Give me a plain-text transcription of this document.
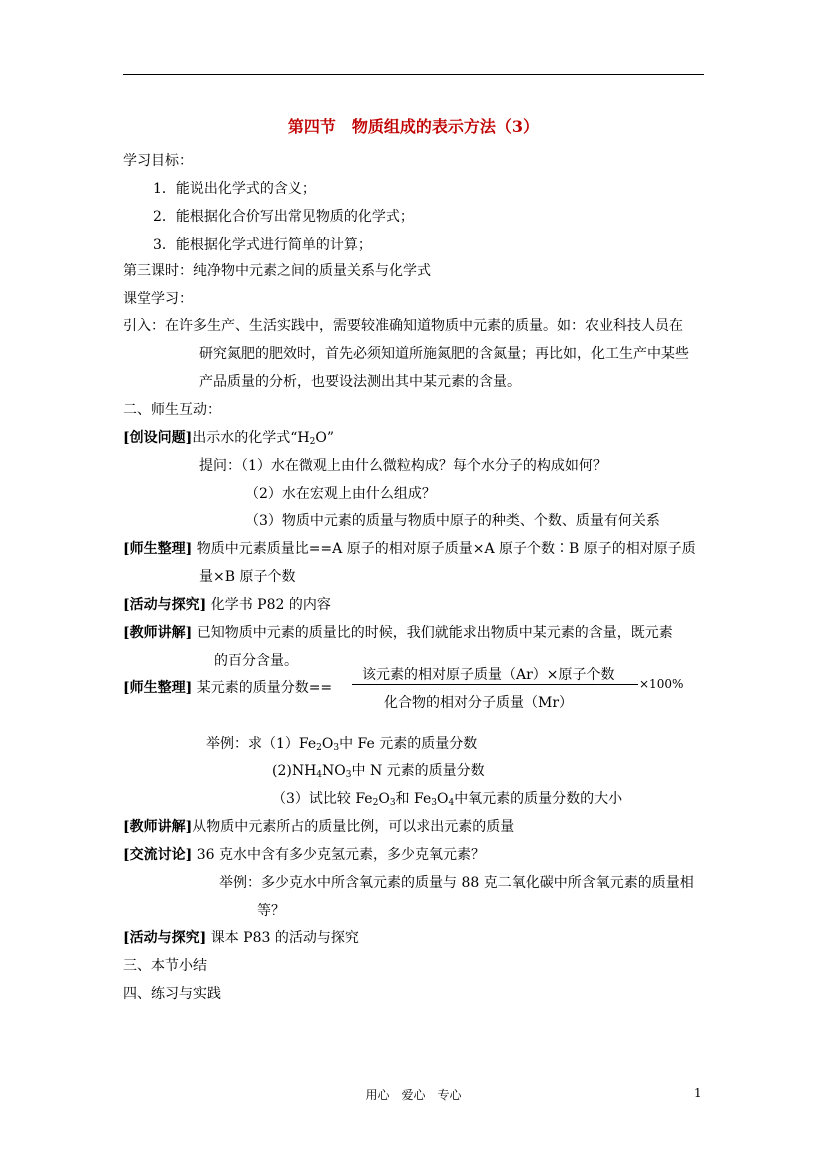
第四节　物质组成的表示方法（3）
学习目标：
1．能说出化学式的含义；
2．能根据化合价写出常见物质的化学式；
3．能根据化学式进行简单的计算；
第三课时：纯净物中元素之间的质量关系与化学式
课堂学习：
引入：在许多生产、生活实践中，需要较准确知道物质中元素的质量。如：农业科技人员在
研究氮肥的肥效时，首先必须知道所施氮肥的含氮量；再比如，化工生产中某些
产品质量的分析，也要设法测出其中某元素的含量。
二、师生互动：
[创设问题]出示水的化学式“$H_2O$”
提问：（1）水在微观上由什么微粒构成？每个水分子的构成如何？
（2）水在宏观上由什么组成？
（3）物质中元素的质量与物质中原子的种类、个数、质量有何关系
[师生整理] 物质中元素质量比==A 原子的相对原子质量×A 原子个数∶B 原子的相对原子质
量×B 原子个数
[活动与探究] 化学书 P82 的内容
[教师讲解] 已知物质中元素的质量比的时候，我们就能求出物质中某元素的含量，既元素
的百分含量。
[师生整理] 某元素的质量分数==
该元素的相对原子质量（Ar）×原子个数
化合物的相对分子质量（Mr）
×100%
举例：求$(1)Fe_2O_3$中 Fe 元素的质量分数
$(2)NH_4NO_3$中 N 元素的质量分数
（3）试比较 $Fe_2O_3$和 $Fe_3O_4$中氧元素的质量分数的大小
[教师讲解]从物质中元素所占的质量比例，可以求出元素的质量
[交流讨论] 36 克水中含有多少克氢元素，多少克氧元素？
举例：多少克水中所含氧元素的质量与 88 克二氧化碳中所含氧元素的质量相
等？
[活动与探究] 课本 P83 的活动与探究
三、本节小结
四、练习与实践
用心　爱心　专心	1
